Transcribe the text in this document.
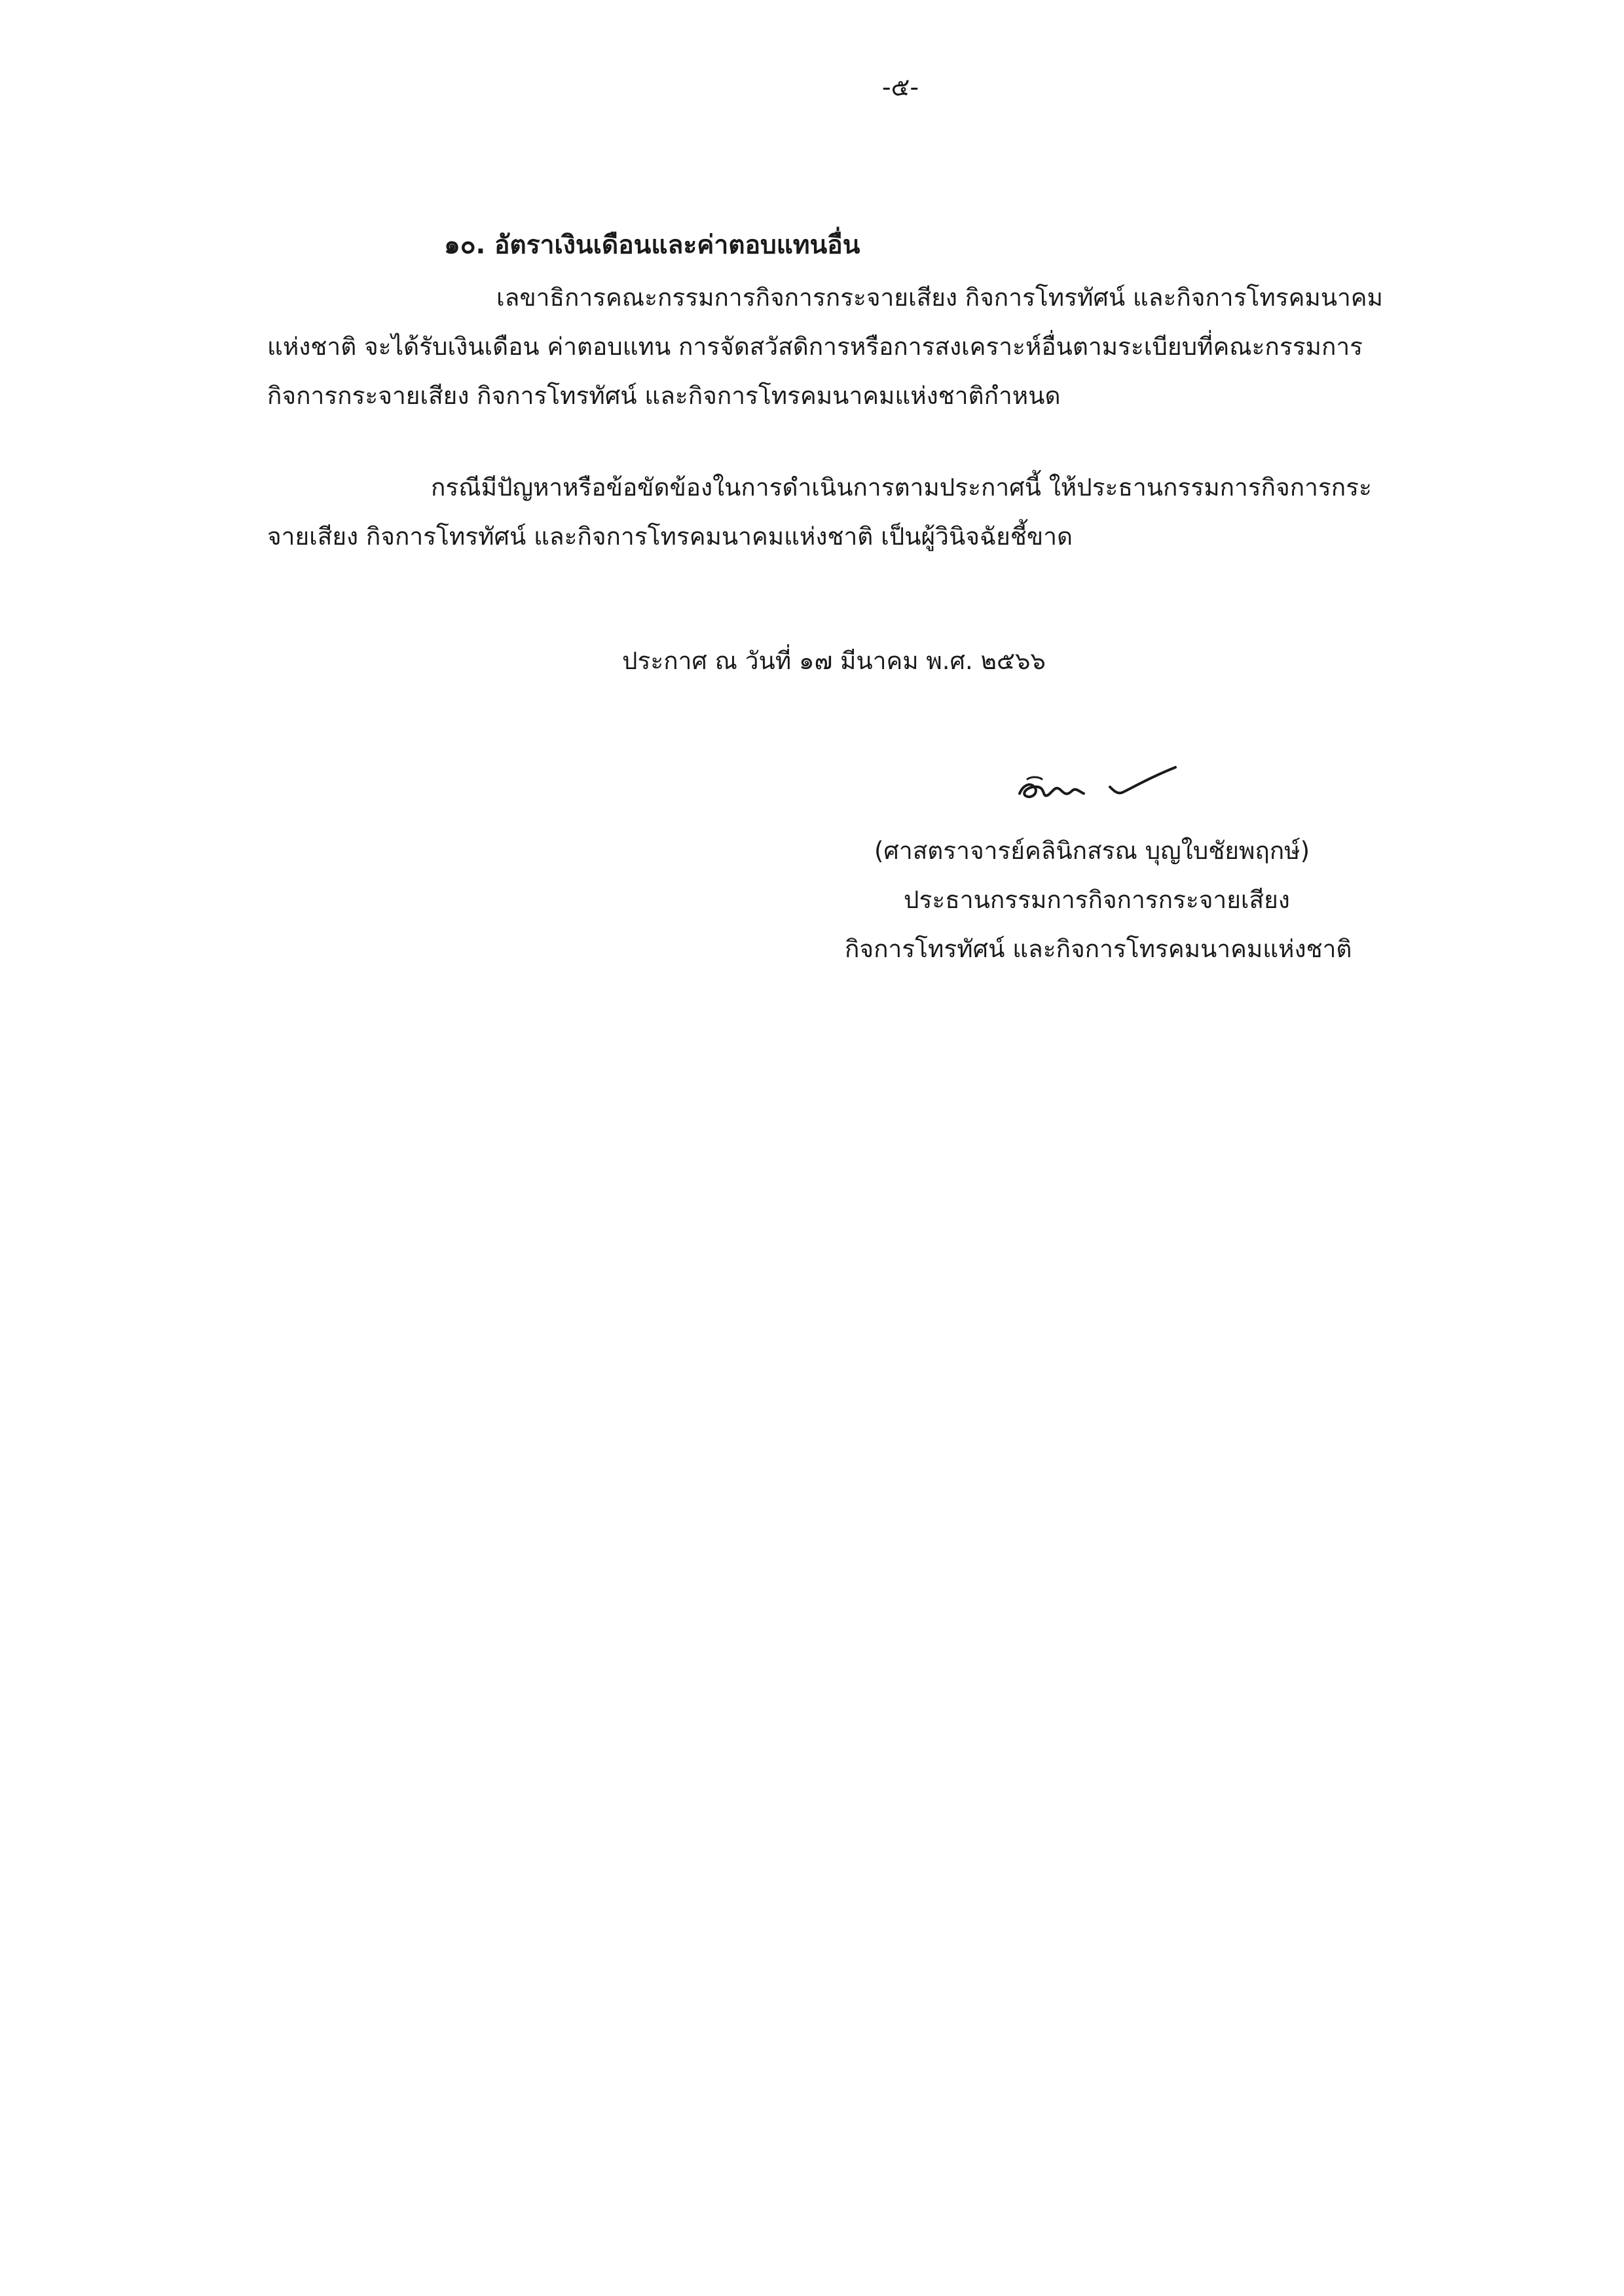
-๕-
๑๐. อัตราเงินเดือนและค่าตอบแทนอื่น
เลขาธิการคณะกรรมการกิจการกระจายเสียง กิจการโทรทัศน์ และกิจการโทรคมนาคม
แห่งชาติ จะได้รับเงินเดือน ค่าตอบแทน การจัดสวัสดิการหรือการสงเคราะห์อื่นตามระเบียบที่คณะกรรมการ
กิจการกระจายเสียง กิจการโทรทัศน์ และกิจการโทรคมนาคมแห่งชาติกำหนด
กรณีมีปัญหาหรือข้อขัดข้องในการดำเนินการตามประกาศนี้ ให้ประธานกรรมการกิจการกระ
จายเสียง กิจการโทรทัศน์ และกิจการโทรคมนาคมแห่งชาติ เป็นผู้วินิจฉัยชี้ขาด
ประกาศ ณ วันที่ ๑๗ มีนาคม พ.ศ. ๒๕๖๖
(ศาสตราจารย์คลินิกสรณ บุญใบชัยพฤกษ์)
ประธานกรรมการกิจการกระจายเสียง
กิจการโทรทัศน์ และกิจการโทรคมนาคมแห่งชาติ
